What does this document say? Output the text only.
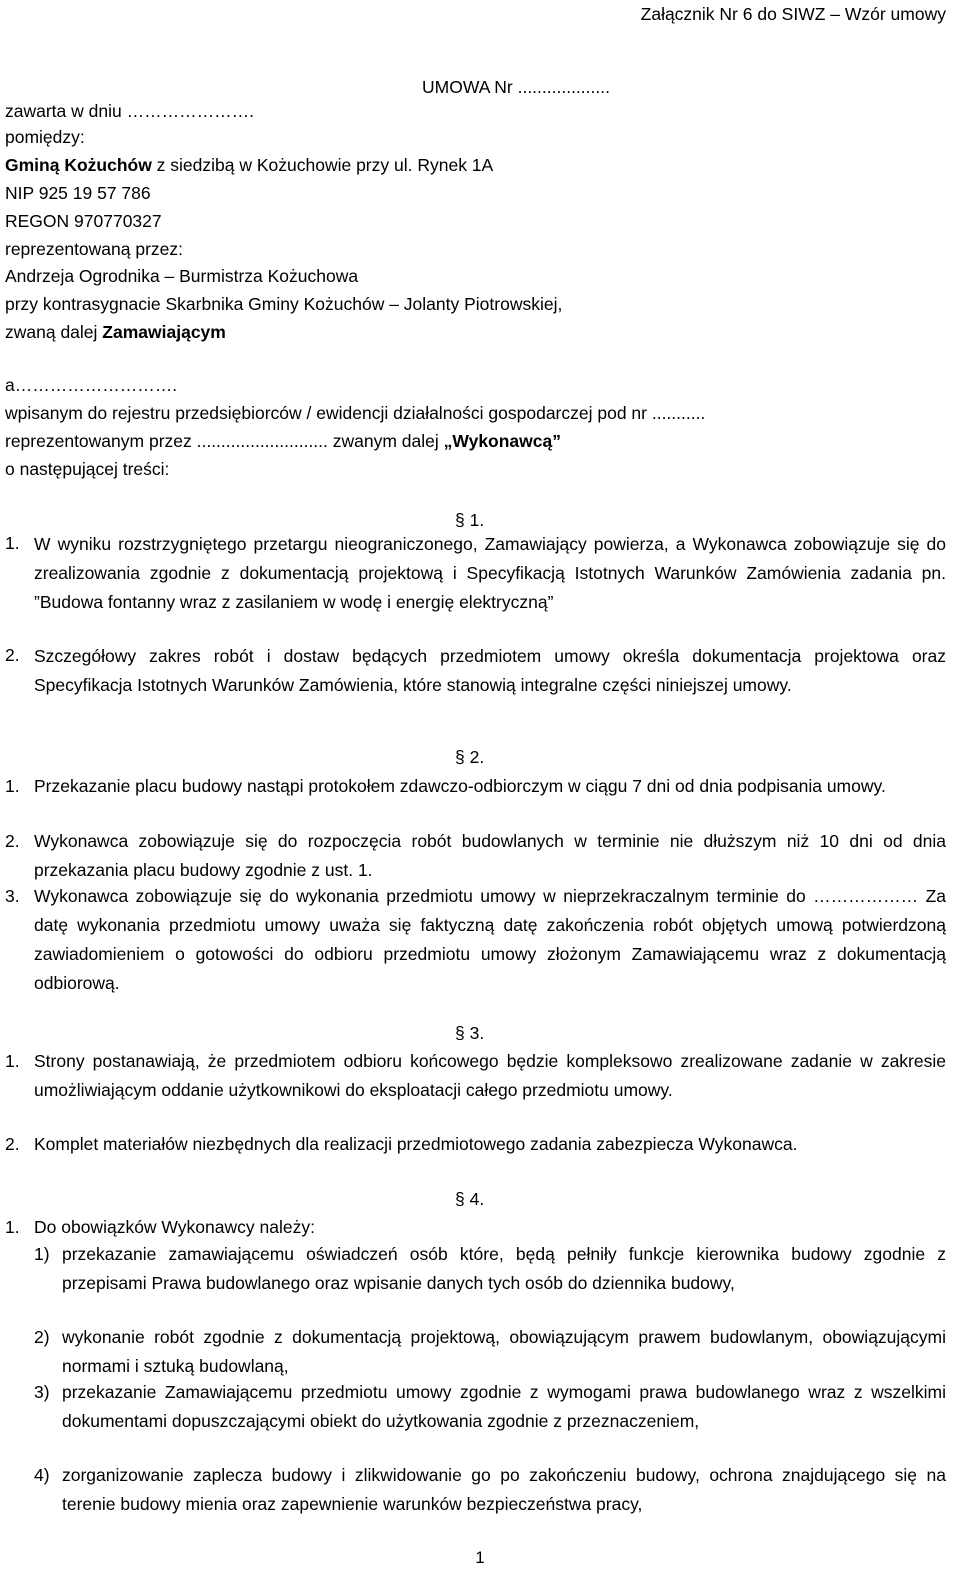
Załącznik Nr 6 do SIWZ – Wzór umowy
UMOWA Nr ...................
zawarta w dniu ………………….
pomiędzy:
Gminą Kożuchów z siedzibą w Kożuchowie przy ul. Rynek 1A
NIP 925 19 57 786
REGON 970770327
reprezentowaną przez:
Andrzeja Ogrodnika – Burmistrza Kożuchowa
przy kontrasygnacie Skarbnika Gminy Kożuchów – Jolanty Piotrowskiej,
zwaną dalej Zamawiającym
a……………………….
wpisanym do rejestru przedsiębiorców / ewidencji działalności gospodarczej pod nr ...........
reprezentowanym przez ........................... zwanym dalej „Wykonawcą”
o następującej treści:
§ 1.
1. W wyniku rozstrzygniętego przetargu nieograniczonego, Zamawiający powierza, a Wykonawca zobowiązuje się do zrealizowania zgodnie z dokumentacją projektową i Specyfikacją Istotnych Warunków Zamówienia zadania pn. ”Budowa fontanny wraz z zasilaniem w wodę i energię elektryczną”
2. Szczegółowy zakres robót i dostaw będących przedmiotem umowy określa dokumentacja projektowa oraz Specyfikacja Istotnych Warunków Zamówienia, które stanowią integralne części niniejszej umowy.
§ 2.
1. Przekazanie placu budowy nastąpi protokołem zdawczo-odbiorczym w ciągu 7 dni od dnia podpisania umowy.
2. Wykonawca zobowiązuje się do rozpoczęcia robót budowlanych w terminie nie dłuższym niż 10 dni od dnia przekazania placu budowy zgodnie z ust. 1.
3. Wykonawca zobowiązuje się do wykonania przedmiotu umowy w nieprzekraczalnym terminie do ……………… Za datę wykonania przedmiotu umowy uważa się faktyczną datę zakończenia robót objętych umową potwierdzoną zawiadomieniem o gotowości do odbioru przedmiotu umowy złożonym Zamawiającemu wraz z dokumentacją odbiorową.
§ 3.
1. Strony postanawiają, że przedmiotem odbioru końcowego będzie kompleksowo zrealizowane zadanie w zakresie umożliwiającym oddanie użytkownikowi do eksploatacji całego przedmiotu umowy.
2. Komplet materiałów niezbędnych dla realizacji przedmiotowego zadania zabezpiecza Wykonawca.
§ 4.
1. Do obowiązków Wykonawcy należy:
1) przekazanie zamawiającemu oświadczeń osób które, będą pełniły funkcje kierownika budowy zgodnie z przepisami Prawa budowlanego oraz wpisanie danych tych osób do dziennika budowy,
2) wykonanie robót zgodnie z dokumentacją projektową, obowiązującym prawem budowlanym, obowiązującymi normami i sztuką budowlaną,
3) przekazanie Zamawiającemu przedmiotu umowy zgodnie z wymogami prawa budowlanego wraz z wszelkimi dokumentami dopuszczającymi obiekt do użytkowania zgodnie z przeznaczeniem,
4) zorganizowanie zaplecza budowy i zlikwidowanie go po zakończeniu budowy, ochrona znajdującego się na terenie budowy mienia oraz zapewnienie warunków bezpieczeństwa pracy,
1
